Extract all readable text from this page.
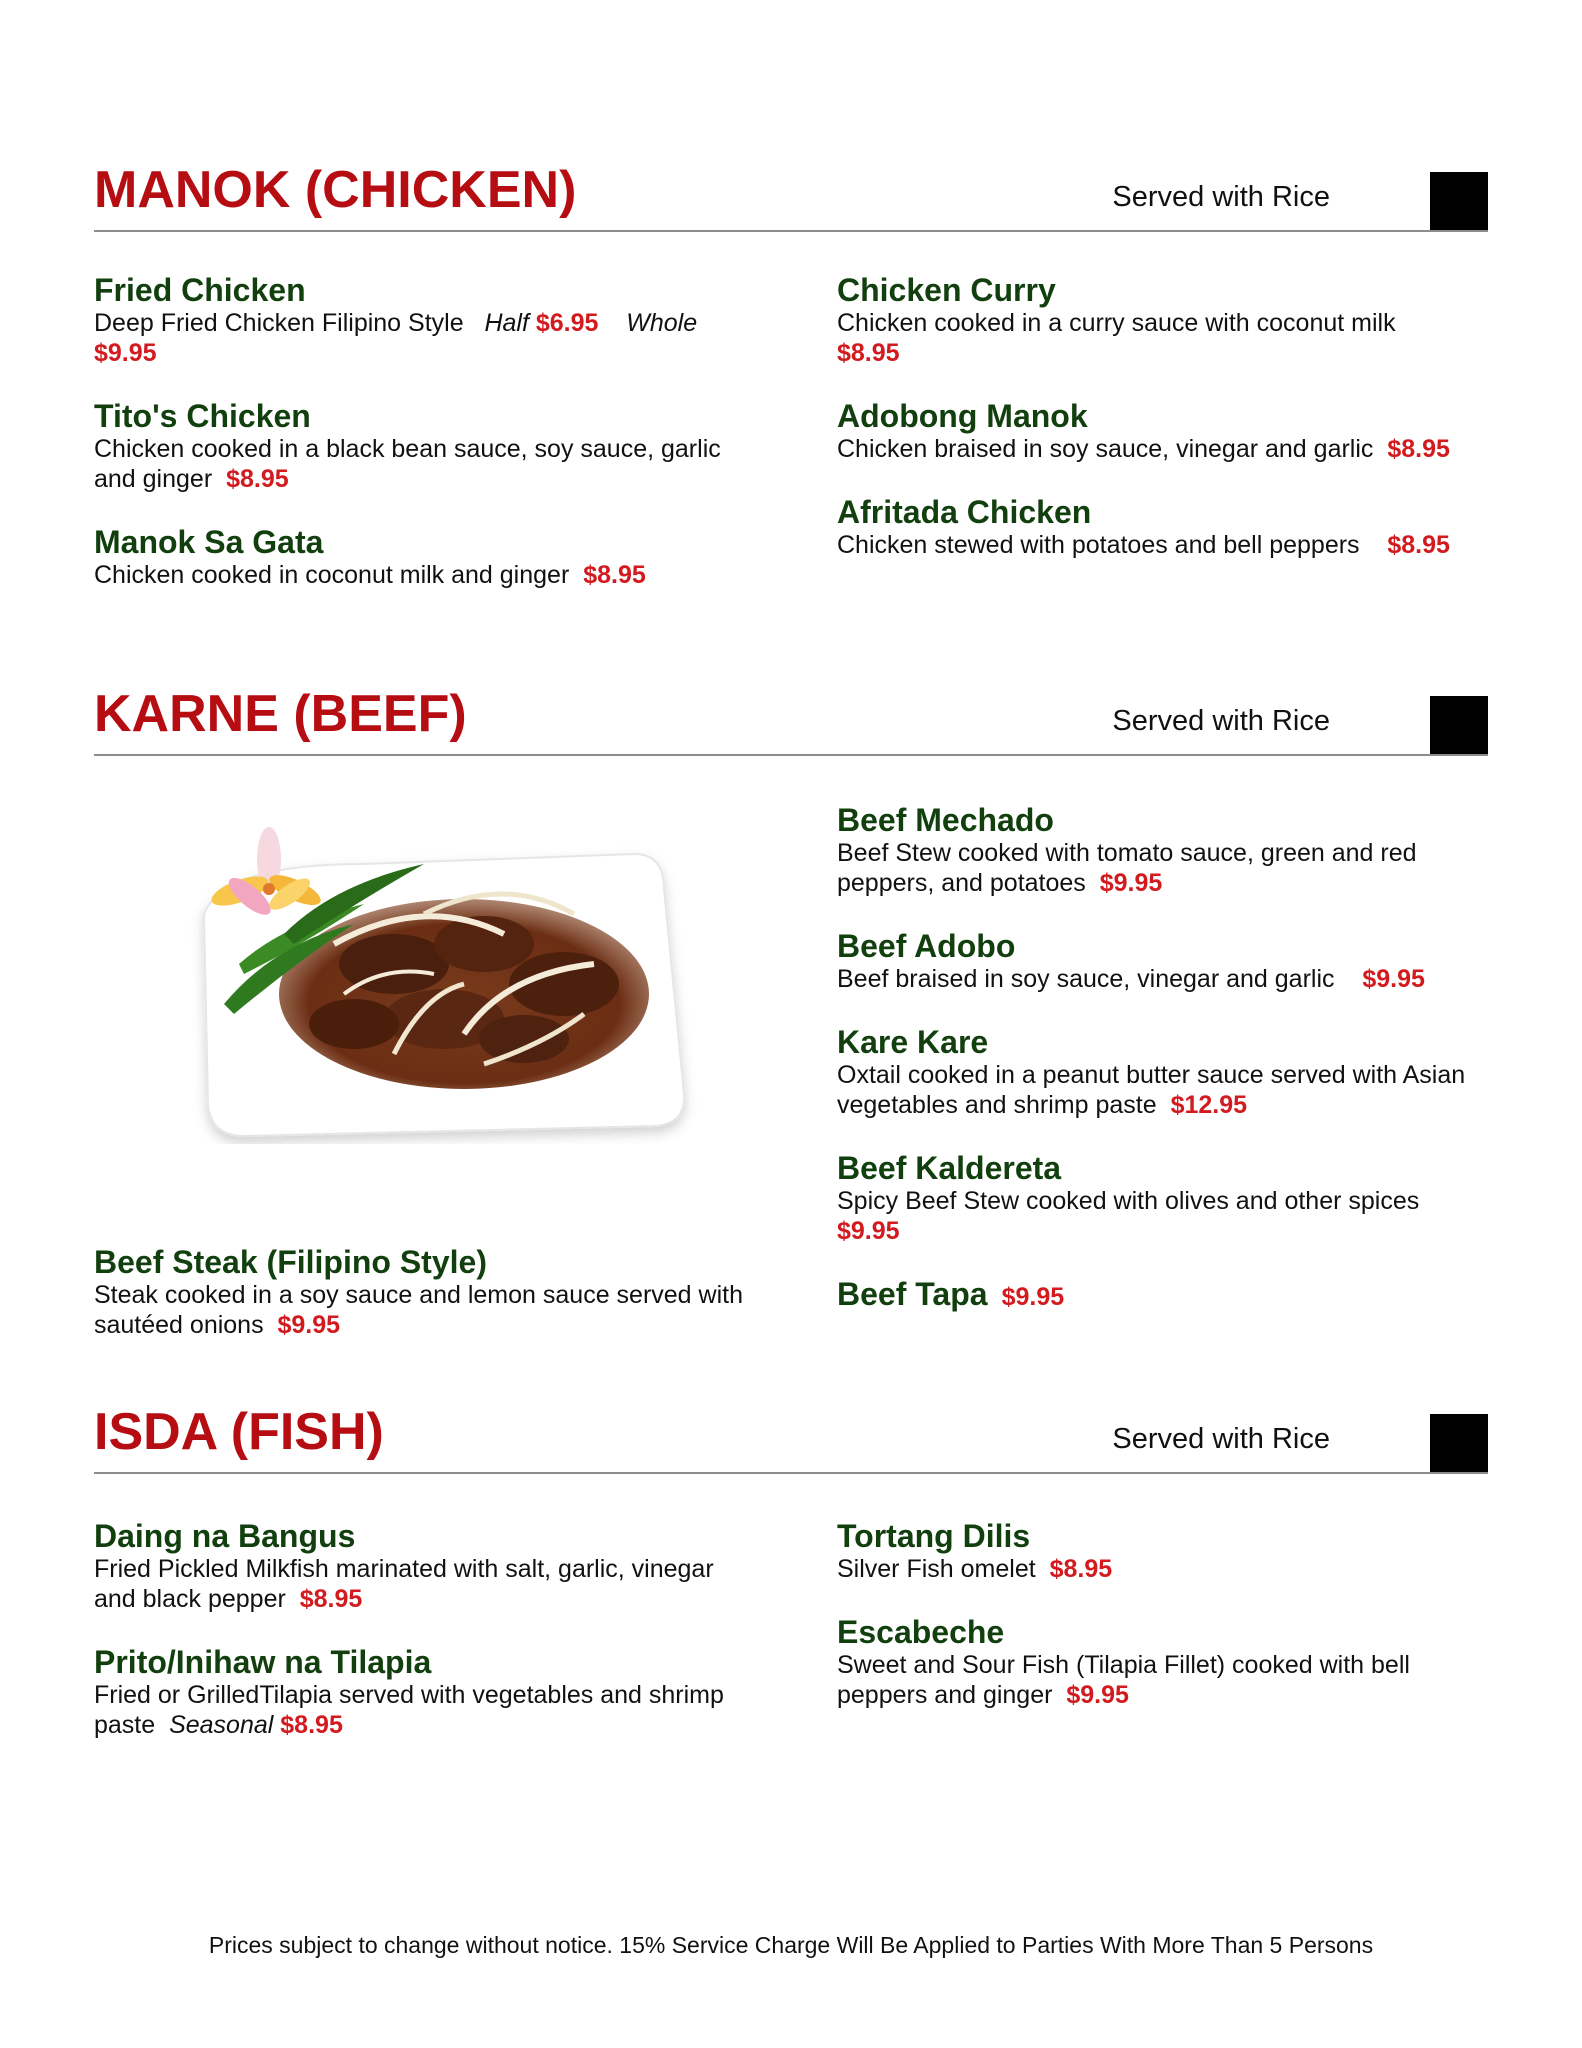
MANOK (CHICKEN)	Served with Rice
Fried Chicken
Deep Fried Chicken Filipino Style Half $6.95 Whole $9.95
Tito's Chicken
Chicken cooked in a black bean sauce, soy sauce, garlic and ginger $8.95
Manok Sa Gata
Chicken cooked in coconut milk and ginger $8.95
Chicken Curry
Chicken cooked in a curry sauce with coconut milk
$8.95
Adobong Manok
Chicken braised in soy sauce, vinegar and garlic $8.95
Afritada Chicken
Chicken stewed with potatoes and bell peppers $8.95
KARNE (BEEF)	Served with Rice
Beef Steak (Filipino Style)
Steak cooked in a soy sauce and lemon sauce served with sautéed onions $9.95
Beef Mechado
Beef Stew cooked with tomato sauce, green and red peppers, and potatoes $9.95
Beef Adobo
Beef braised in soy sauce, vinegar and garlic $9.95
Kare Kare
Oxtail cooked in a peanut butter sauce served with Asian vegetables and shrimp paste $12.95
Beef Kaldereta
Spicy Beef Stew cooked with olives and other spices
$9.95
Beef Tapa $9.95
ISDA (FISH)	Served with Rice
Daing na Bangus
Fried Pickled Milkfish marinated with salt, garlic, vinegar and black pepper $8.95
Prito/Inihaw na Tilapia
Fried or GrilledTilapia served with vegetables and shrimp paste Seasonal $8.95
Tortang Dilis
Silver Fish omelet $8.95
Escabeche
Sweet and Sour Fish (Tilapia Fillet) cooked with bell peppers and ginger $9.95
Prices subject to change without notice. 15% Service Charge Will Be Applied to Parties With More Than 5 Persons
